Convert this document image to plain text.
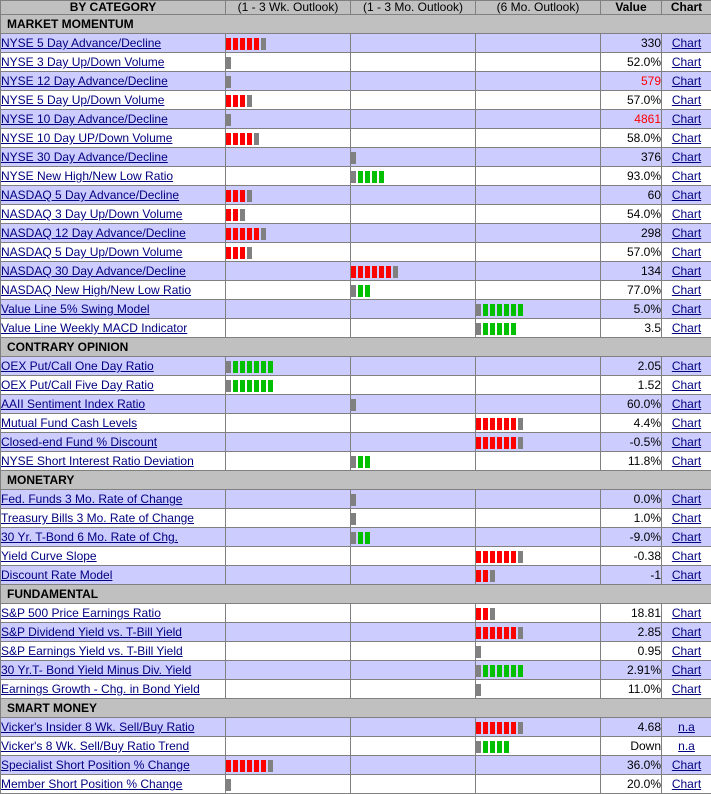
BY CATEGORY	(1 - 3 Wk. Outlook)	(1 - 3 Mo. Outlook)	(6 Mo. Outlook)	Value	Chart
MARKET MOMENTUM					
NYSE 5 Day Advance/Decline				330	Chart
NYSE 3 Day Up/Down Volume				52.0%	Chart
NYSE 12 Day Advance/Decline				579	Chart
NYSE 5 Day Up/Down Volume				57.0%	Chart
NYSE 10 Day Advance/Decline				4861	Chart
NYSE 10 Day UP/Down Volume				58.0%	Chart
NYSE 30 Day Advance/Decline				376	Chart
NYSE New High/New Low Ratio				93.0%	Chart
NASDAQ 5 Day Advance/Decline				60	Chart
NASDAQ 3 Day Up/Down Volume				54.0%	Chart
NASDAQ 12 Day Advance/Decline				298	Chart
NASDAQ 5 Day Up/Down Volume				57.0%	Chart
NASDAQ 30 Day Advance/Decline				134	Chart
NASDAQ New High/New Low Ratio				77.0%	Chart
Value Line 5% Swing Model				5.0%	Chart
Value Line Weekly MACD Indicator				3.5	Chart
CONTRARY OPINION					
OEX Put/Call One Day Ratio				2.05	Chart
OEX Put/Call Five Day Ratio				1.52	Chart
AAII Sentiment Index Ratio				60.0%	Chart
Mutual Fund Cash Levels				4.4%	Chart
Closed-end Fund % Discount				-0.5%	Chart
NYSE Short Interest Ratio Deviation				11.8%	Chart
MONETARY					
Fed. Funds 3 Mo. Rate of Change				0.0%	Chart
Treasury Bills 3 Mo. Rate of Change				1.0%	Chart
30 Yr. T-Bond 6 Mo. Rate of Chg.				-9.0%	Chart
Yield Curve Slope				-0.38	Chart
Discount Rate Model				-1	Chart
FUNDAMENTAL					
S&P 500 Price Earnings Ratio				18.81	Chart
S&P Dividend Yield vs. T-Bill Yield				2.85	Chart
S&P Earnings Yield vs. T-Bill Yield				0.95	Chart
30 Yr.T- Bond Yield Minus Div. Yield				2.91%	Chart
Earnings Growth - Chg. in Bond Yield				11.0%	Chart
SMART MONEY					
Vicker's Insider 8 Wk. Sell/Buy Ratio				4.68	n.a
Vicker's 8 Wk. Sell/Buy Ratio Trend				Down	n.a
Specialist Short Position % Change				36.0%	Chart
Member Short Position % Change				20.0%	Chart
